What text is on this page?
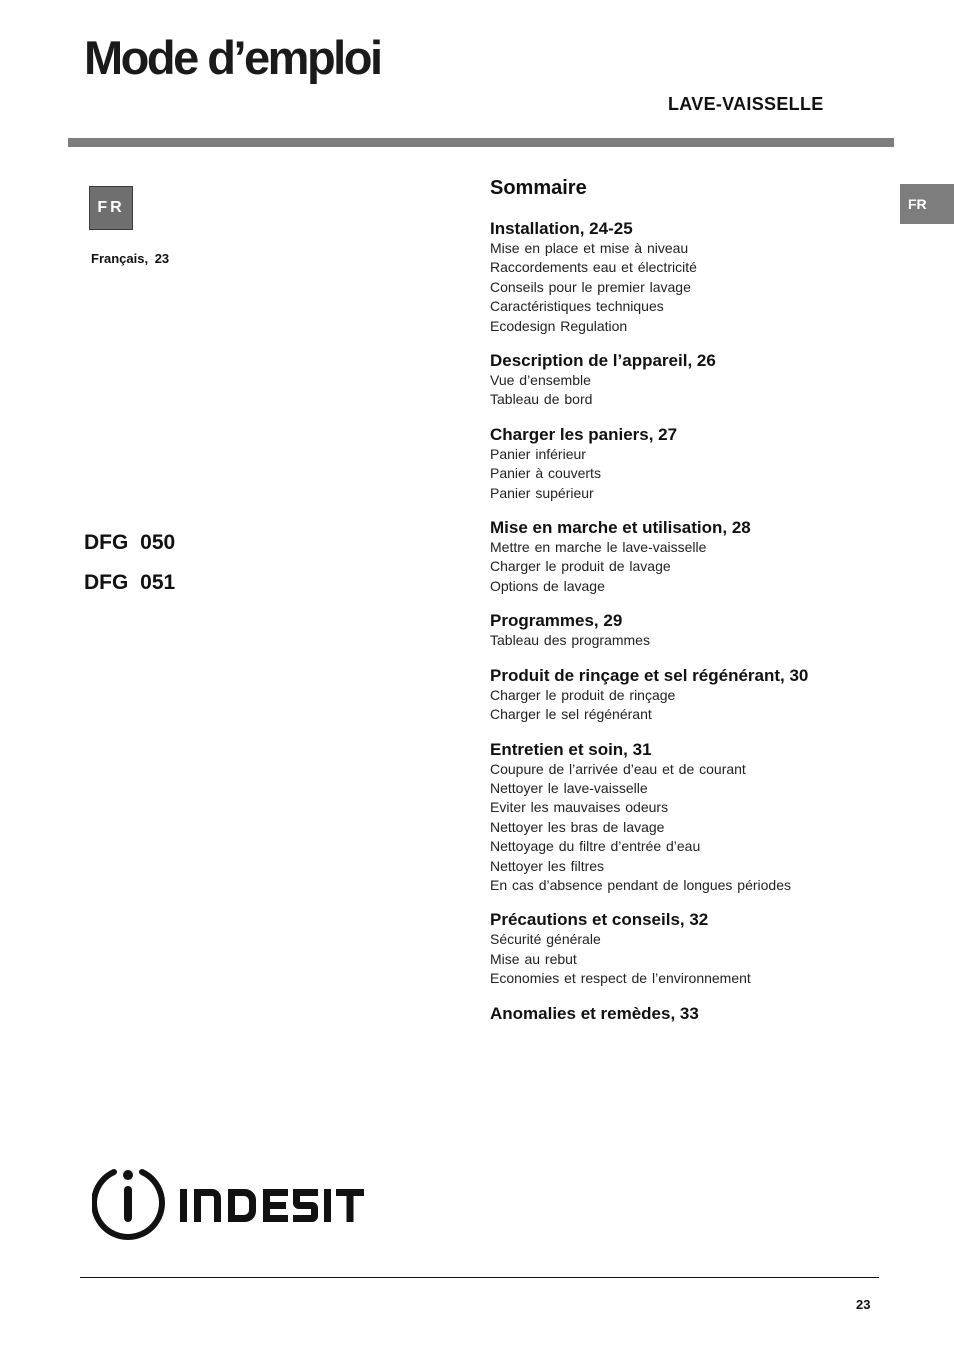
Mode d’emploi
LAVE-VAISSELLE
FR
Français, 23
DFG 050
DFG 051
FR
Sommaire
Installation, 24-25
Mise en place et mise à niveau
Raccordements eau et électricité
Conseils pour le premier lavage
Caractéristiques techniques
Ecodesign Regulation
Description de l’appareil, 26
Vue d’ensemble
Tableau de bord
Charger les paniers, 27
Panier inférieur
Panier à couverts
Panier supérieur
Mise en marche et utilisation, 28
Mettre en marche le lave-vaisselle
Charger le produit de lavage
Options de lavage
Programmes, 29
Tableau des programmes
Produit de rinçage et sel régénérant, 30
Charger le produit de rinçage
Charger le sel régénérant
Entretien et soin, 31
Coupure de l’arrivée d’eau et de courant
Nettoyer le lave-vaisselle
Eviter les mauvaises odeurs
Nettoyer les bras de lavage
Nettoyage du filtre d’entrée d’eau
Nettoyer les filtres
En cas d’absence pendant de longues périodes
Précautions et conseils, 32
Sécurité générale
Mise au rebut
Economies et respect de l’environnement
Anomalies et remèdes, 33
23
